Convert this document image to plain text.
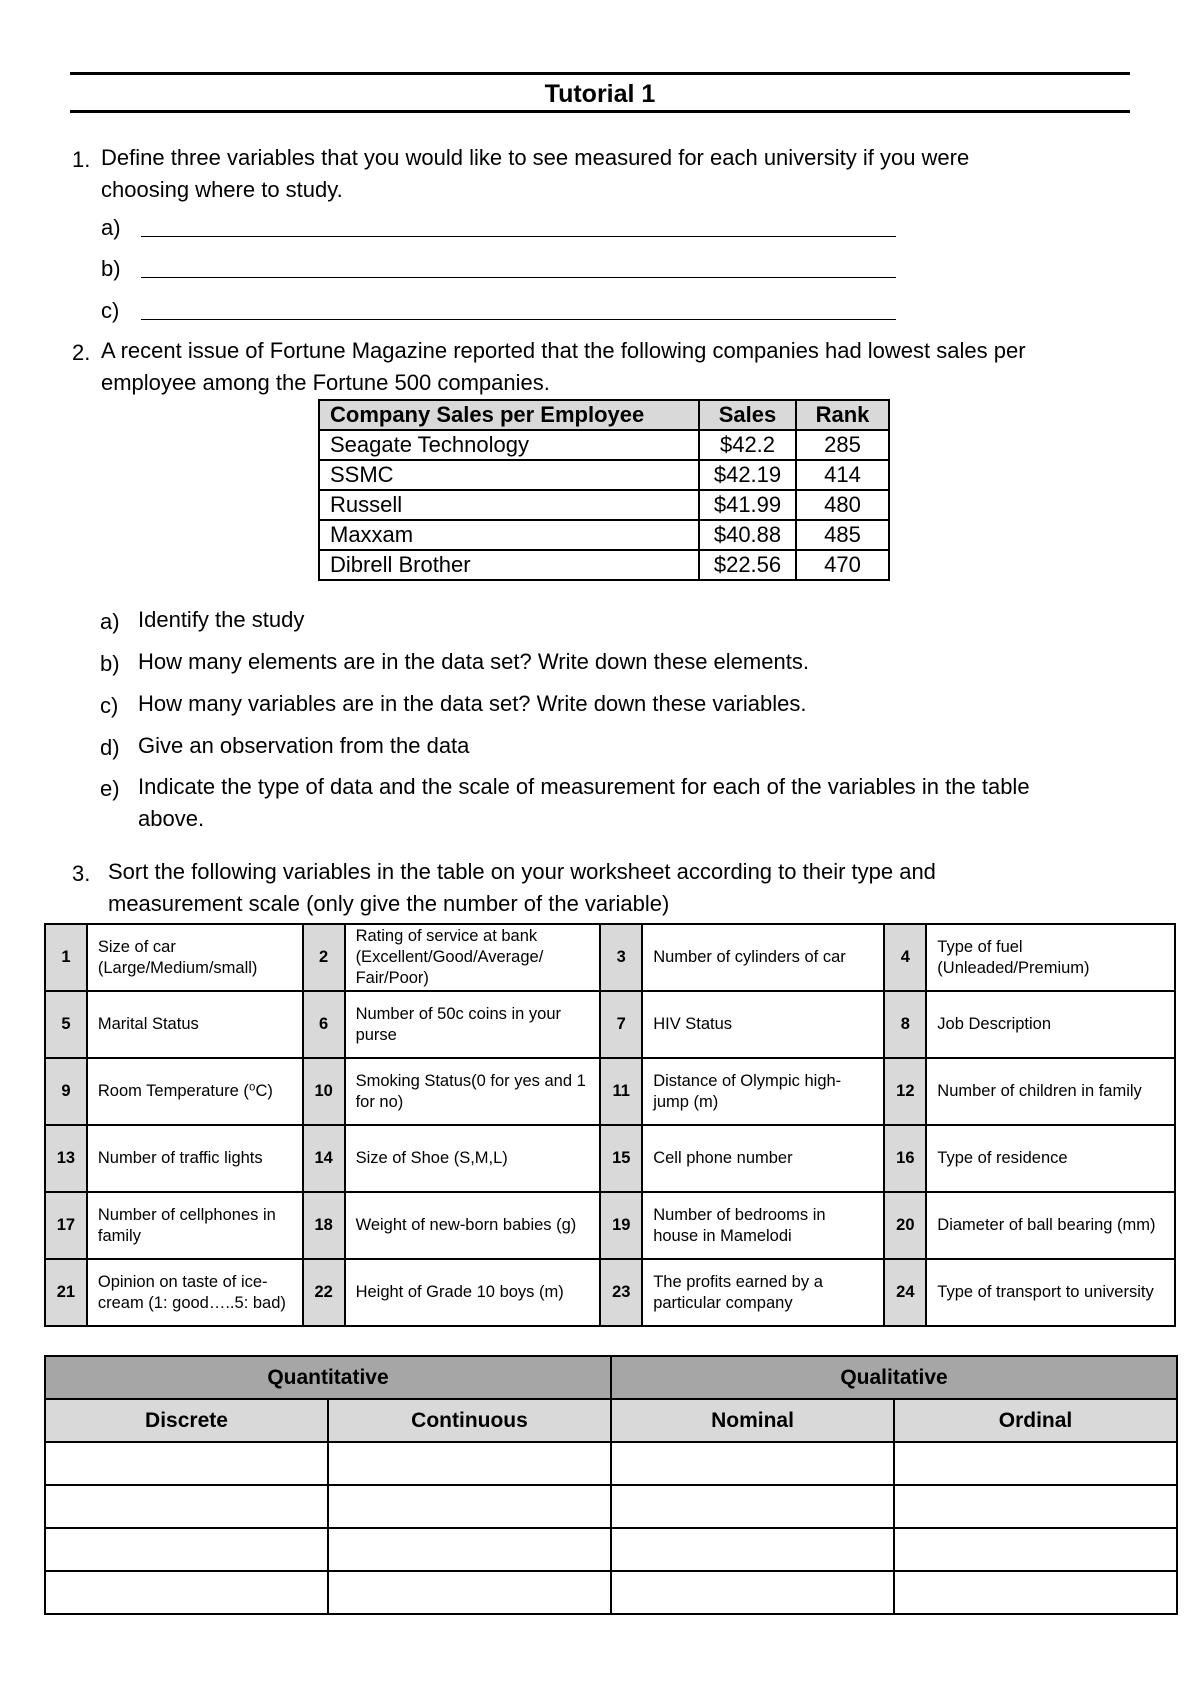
Tutorial 1
1. Define three variables that you would like to see measured for each university if you were
choosing where to study.
a)
b)
c)
2. A recent issue of Fortune Magazine reported that the following companies had lowest sales per
employee among the Fortune 500 companies.
Company Sales per Employee	Sales	Rank
Seagate Technology	$42.2	285
SSMC	$42.19	414
Russell	$41.99	480
Maxxam	$40.88	485
Dibrell Brother	$22.56	470
a) Identify the study
b) How many elements are in the data set? Write down these elements.
c) How many variables are in the data set? Write down these variables.
d) Give an observation from the data
e) Indicate the type of data and the scale of measurement for each of the variables in the table
above.
3. Sort the following variables in the table on your worksheet according to their type and
measurement scale (only give the number of the variable)
1	Size of car (Large/Medium/small)	2	Rating of service at bank (Excellent/Good/Average/ Fair/Poor)	3	Number of cylinders of car	4	Type of fuel (Unleaded/Premium)
5	Marital Status	6	Number of 50c coins in your purse	7	HIV Status	8	Job Description
9	Room Temperature (⁰C)	10	Smoking Status(0 for yes and 1 for no)	11	Distance of Olympic high-jump (m)	12	Number of children in family
13	Number of traffic lights	14	Size of Shoe (S,M,L)	15	Cell phone number	16	Type of residence
17	Number of cellphones in family	18	Weight of new-born babies (g)	19	Number of bedrooms in house in Mamelodi	20	Diameter of ball bearing (mm)
21	Opinion on taste of ice-cream (1: good…..5: bad)	22	Height of Grade 10 boys (m)	23	The profits earned by a particular company	24	Type of transport to university
Quantitative		Qualitative	
Discrete	Continuous	Nominal	Ordinal
